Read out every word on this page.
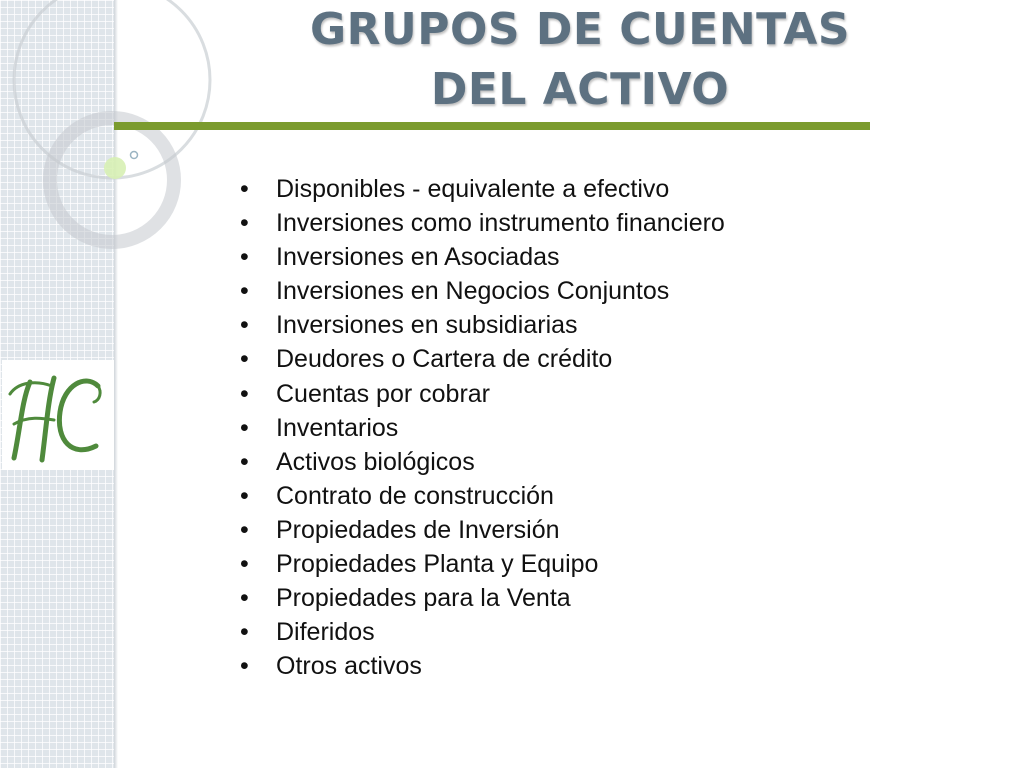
GRUPOS DE CUENTAS
DEL ACTIVO
• Disponibles - equivalente a efectivo
• Inversiones como instrumento financiero
• Inversiones en Asociadas
• Inversiones en Negocios Conjuntos
• Inversiones en subsidiarias
• Deudores o Cartera de crédito
• Cuentas por cobrar
• Inventarios
• Activos biológicos
• Contrato de construcción
• Propiedades de Inversión
• Propiedades Planta y Equipo
• Propiedades para la Venta
• Diferidos
• Otros activos
